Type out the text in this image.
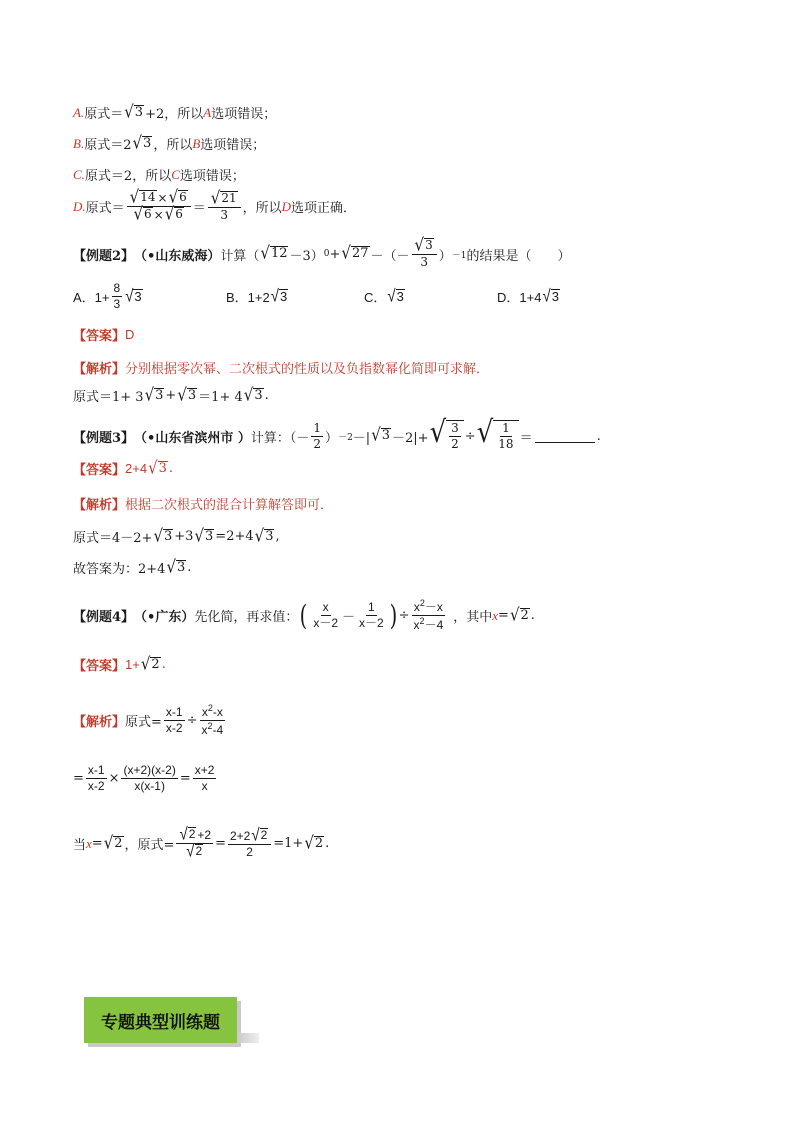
A. 原式＝ √ 3 +2，所以 A 选项错误；
B. 原式＝2 √ 3 ，所以 B 选项错误；
C. 原式＝2，所以 C 选项错误；
D. 原式＝ $\frac{√ 14 \times √ 6}{√ 6 \times √ 6} = \frac{√ 21}{3}$ ，所以 D 选项正确．
【例题2】 （•山东威海） 计算（ √ 12 －3） 0 + √ 27 －（－ $\frac{√ 3}{3}$ ） －1 的结果是（　　）
A．$1+ \frac{8}{3}$ √ 3	B．1+2 √ 3	C． √ 3	D．1+4 √ 3
【答案】 D
【解析】 分别根据零次幂、二次根式的性质以及负指数幂化简即可求解．
原式＝1+ 3 √ 3 + √ 3 ＝1+ 4 √ 3 .
【例题3】 （•山东省滨州市 ） 计算：（－ $\frac{1}{2}$ ） －2 －| √ 3 －2|+ √ $\frac{3}{2}$ ÷ √ $\frac{1}{18}$ ＝	.
【答案】 2+4 √ 3 .
【解析】 根据二次根式的混合计算解答即可．
原式＝4－2+ √ 3 +3 √ 3 =2+4 √ 3 ,
故答案为：2+4 √ 3 .
【例题4】 （•广东） 先化简，再求值： ( $\frac{x}{x-2} - \frac{1}{x-2}$ ) ÷ $\frac{x^2-x}{x^2-4}$ ，其中 x = √ 2 .
【答案】 1+ √ 2 .
【解析】 原式= $\frac{x-1}{x-2} \div \frac{x^2-x}{x^2-4}$
= $\frac{x-1}{x-2} \times \frac{(x+2)(x-2)}{x(x-1)} = \frac{x+2}{x}$
当 x = √ 2 ，原式= $\frac{√ 2 +2}{√ 2} = \frac{2+2 √ 2}{2} =1+$ √ 2 .
专题典型训练题
